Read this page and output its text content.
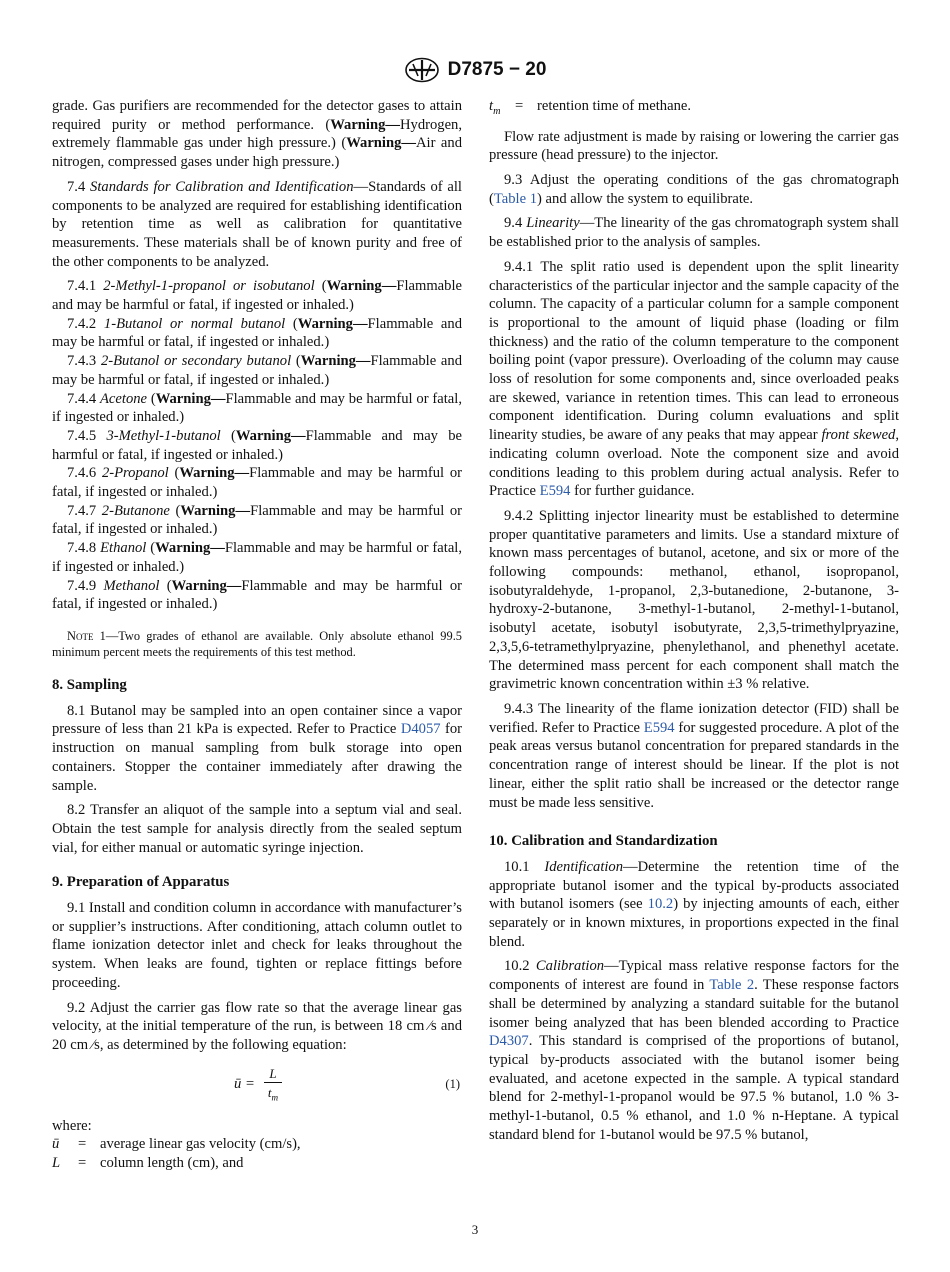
D7875 − 20

grade. Gas purifiers are recommended for the detector gases to attain required purity or method performance. (Warning—Hydrogen, extremely flammable gas under high pressure.) (Warning—Air and nitrogen, compressed gases under high pressure.)

7.4 Standards for Calibration and Identification—Standards of all components to be analyzed are required for establishing identification by retention time as well as calibration for quantitative measurements. These materials shall be of known purity and free of the other components to be analyzed.

7.4.1 2-Methyl-1-propanol or isobutanol (Warning—Flammable and may be harmful or fatal, if ingested or inhaled.)

7.4.2 1-Butanol or normal butanol (Warning—Flammable and may be harmful or fatal, if ingested or inhaled.)

7.4.3 2-Butanol or secondary butanol (Warning—Flammable and may be harmful or fatal, if ingested or inhaled.)

7.4.4 Acetone (Warning—Flammable and may be harmful or fatal, if ingested or inhaled.)

7.4.5 3-Methyl-1-butanol (Warning—Flammable and may be harmful or fatal, if ingested or inhaled.)

7.4.6 2-Propanol (Warning—Flammable and may be harmful or fatal, if ingested or inhaled.)

7.4.7 2-Butanone (Warning—Flammable and may be harmful or fatal, if ingested or inhaled.)

7.4.8 Ethanol (Warning—Flammable and may be harmful or fatal, if ingested or inhaled.)

7.4.9 Methanol (Warning—Flammable and may be harmful or fatal, if ingested or inhaled.)

Note 1—Two grades of ethanol are available. Only absolute ethanol 99.5 minimum percent meets the requirements of this test method.

8. Sampling

8.1 Butanol may be sampled into an open container since a vapor pressure of less than 21 kPa is expected. Refer to Practice D4057 for instruction on manual sampling from bulk storage into open containers. Stopper the container immediately after drawing the sample.

8.2 Transfer an aliquot of the sample into a septum vial and seal. Obtain the test sample for analysis directly from the sealed septum vial, for either manual or automatic syringe injection.

9. Preparation of Apparatus

9.1 Install and condition column in accordance with manufacturer’s or supplier’s instructions. After conditioning, attach column outlet to flame ionization detector inlet and check for leaks throughout the system. When leaks are found, tighten or replace fittings before proceeding.

9.2 Adjust the carrier gas flow rate so that the average linear gas velocity, at the initial temperature of the run, is between 18 cm ⁄s and 20 cm ⁄s, as determined by the following equation:

ū = $\frac{L}{t_m}$	(1)

where:

ū	= average linear gas velocity (cm/s),
L	= column length (cm), and
$t_m$ = retention time of methane.

Flow rate adjustment is made by raising or lowering the carrier gas pressure (head pressure) to the injector.

9.3 Adjust the operating conditions of the gas chromatograph (Table 1) and allow the system to equilibrate.

9.4 Linearity—The linearity of the gas chromatograph system shall be established prior to the analysis of samples.

9.4.1 The split ratio used is dependent upon the split linearity characteristics of the particular injector and the sample capacity of the column. The capacity of a particular column for a sample component is proportional to the amount of liquid phase (loading or film thickness) and the ratio of the column temperature to the component boiling point (vapor pressure). Overloading of the column may cause loss of resolution for some components and, since overloaded peaks are skewed, variance in retention times. This can lead to erroneous component identification. During column evaluations and split linearity studies, be aware of any peaks that may appear front skewed, indicating column overload. Note the component size and avoid conditions leading to this problem during actual analysis. Refer to Practice E594 for further guidance.

9.4.2 Splitting injector linearity must be established to determine proper quantitative parameters and limits. Use a standard mixture of known mass percentages of butanol, acetone, and six or more of the following compounds: methanol, ethanol, isopropanol, isobutyraldehyde, 1-propanol, 2,3-butanedione, 2-butanone, 3-hydroxy-2-butanone, 3-methyl-1-butanol, 2-methyl-1-butanol, isobutyl acetate, isobutyl isobutyrate, 2,3,5-trimethylpryazine, 2,3,5,6-tetramethylpryazine, phenylethanol, and phenethyl acetate. The determined mass percent for each component shall match the gravimetric known concentration within ±3 % relative.

9.4.3 The linearity of the flame ionization detector (FID) shall be verified. Refer to Practice E594 for suggested procedure. A plot of the peak areas versus butanol concentration for prepared standards in the concentration range of interest should be linear. If the plot is not linear, either the split ratio shall be increased or the detector range must be made less sensitive.

10. Calibration and Standardization

10.1 Identification—Determine the retention time of the appropriate butanol isomer and the typical by-products associated with butanol isomers (see 10.2) by injecting amounts of each, either separately or in known mixtures, in proportions expected in the final blend.

10.2 Calibration—Typical mass relative response factors for the components of interest are found in Table 2. These response factors shall be determined by analyzing a standard suitable for the butanol isomer being analyzed that has been blended according to Practice D4307. This standard is comprised of the proportions of butanol, typical by-products associated with the butanol isomer being evaluated, and acetone expected in the sample. A typical standard blend for 2-methyl-1-propanol would be 97.5 % butanol, 1.0 % 3-methyl-1-butanol, 0.5 % ethanol, and 1.0 % n-Heptane. A typical standard blend for 1-butanol would be 97.5 % butanol,

3
